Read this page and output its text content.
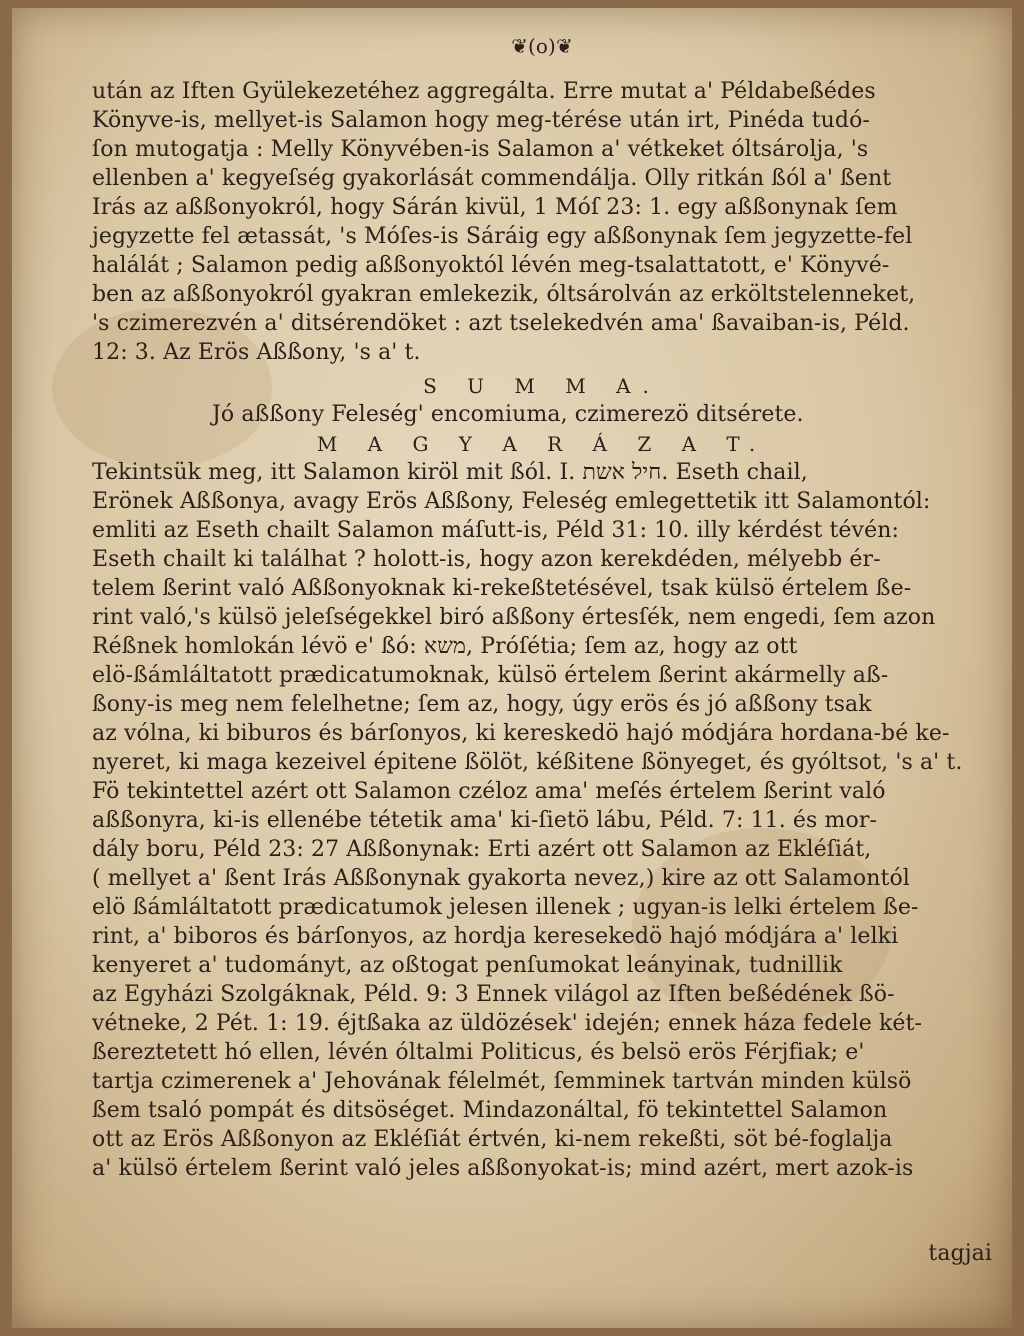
❦(o)❦
után az Iften Gyülekezetéhez aggregálta. Erre mutat a' Példabeßédes
Könyve-is, mellyet-is Salamon hogy meg-térése után irt, Pinéda tudó-
ſon mutogatja : Melly Könyvében-is Salamon a' vétkeket óltsárolja, 's
ellenben a' kegyeſség gyakorlását commendálja. Olly ritkán ßól a' ßent
Irás az aßßonyokról, hogy Sárán kivül, 1 Móſ 23: 1. egy aßßonynak ſem
jegyzette fel ætassát, 's Móſes-is Sáráig egy aßßonynak ſem jegyzette-fel
halálát ; Salamon pedig aßßonyoktól lévén meg-tsalattatott, e' Könyvé-
ben az aßßonyokról gyakran emlekezik, óltsárolván az erköltstelenneket,
's czimerezvén a' ditsérendöket : azt tselekedvén ama' ßavaiban-is, Péld.
12: 3. Az Erös Aßßony, 's a' t.
S U M M A.
Jó aßßony Feleség' encomiuma, czimerezö ditsérete.
M A G Y A R Á Z A T.
Tekintsük meg, itt Salamon kiröl mit ßól. I. חיל אשת. Eseth chail,
Erönek Aßßonya, avagy Erös Aßßony, Feleség emlegettetik itt Salamontól:
emliti az Eseth chailt Salamon máſutt-is, Péld 31: 10. illy kérdést tévén:
Eseth chailt ki találhat ? holott-is, hogy azon kerekdéden, mélyebb ér-
telem ßerint való Aßßonyoknak ki-rekeßtetésével, tsak külsö értelem ße-
rint való,'s külsö jeleſségekkel biró aßßony értesſék, nem engedi, ſem azon
Réßnek homlokán lévö e' ßó: משא, Próſétia; ſem az, hogy az ott
elö-ßámláltatott prædicatumoknak, külsö értelem ßerint akármelly aß-
ßony-is meg nem felelhetne; ſem az, hogy, úgy erös és jó aßßony tsak
az vólna, ki biburos és bárſonyos, ki kereskedö hajó módjára hordana-bé ke-
nyeret, ki maga kezeivel épitene ßölöt, kéßitene ßönyeget, és gyóltsot, 's a' t.
Fö tekintettel azért ott Salamon czéloz ama' meſés értelem ßerint való
aßßonyra, ki-is ellenébe tétetik ama' ki-ſietö lábu, Péld. 7: 11. és mor-
dály boru, Péld 23: 27 Aßßonynak: Erti azért ott Salamon az Ekléſiát,
( mellyet a' ßent Irás Aßßonynak gyakorta nevez,) kire az ott Salamontól
elö ßámláltatott prædicatumok jelesen illenek ; ugyan-is lelki értelem ße-
rint, a' biboros és bárſonyos, az hordja keresekedö hajó módjára a' lelki
kenyeret a' tudományt, az oßtogat penſumokat leányinak, tudnillik
az Egyházi Szolgáknak, Péld. 9: 3 Ennek világol az Iften beßédének ßö-
vétneke, 2 Pét. 1: 19. éjtßaka az üldözések' idején; ennek háza fedele két-
ßereztetett hó ellen, lévén óltalmi Politicus, és belsö erös Férjfiak; e'
tartja czimerenek a' Jehovának félelmét, ſemminek tartván minden külsö
ßem tsaló pompát és ditsöséget. Mindazonáltal, fö tekintettel Salamon
ott az Erös Aßßonyon az Ekléſiát értvén, ki-nem rekeßti, söt bé-foglalja
a' külsö értelem ßerint való jeles aßßonyokat-is; mind azért, mert azok-is
tagjai
